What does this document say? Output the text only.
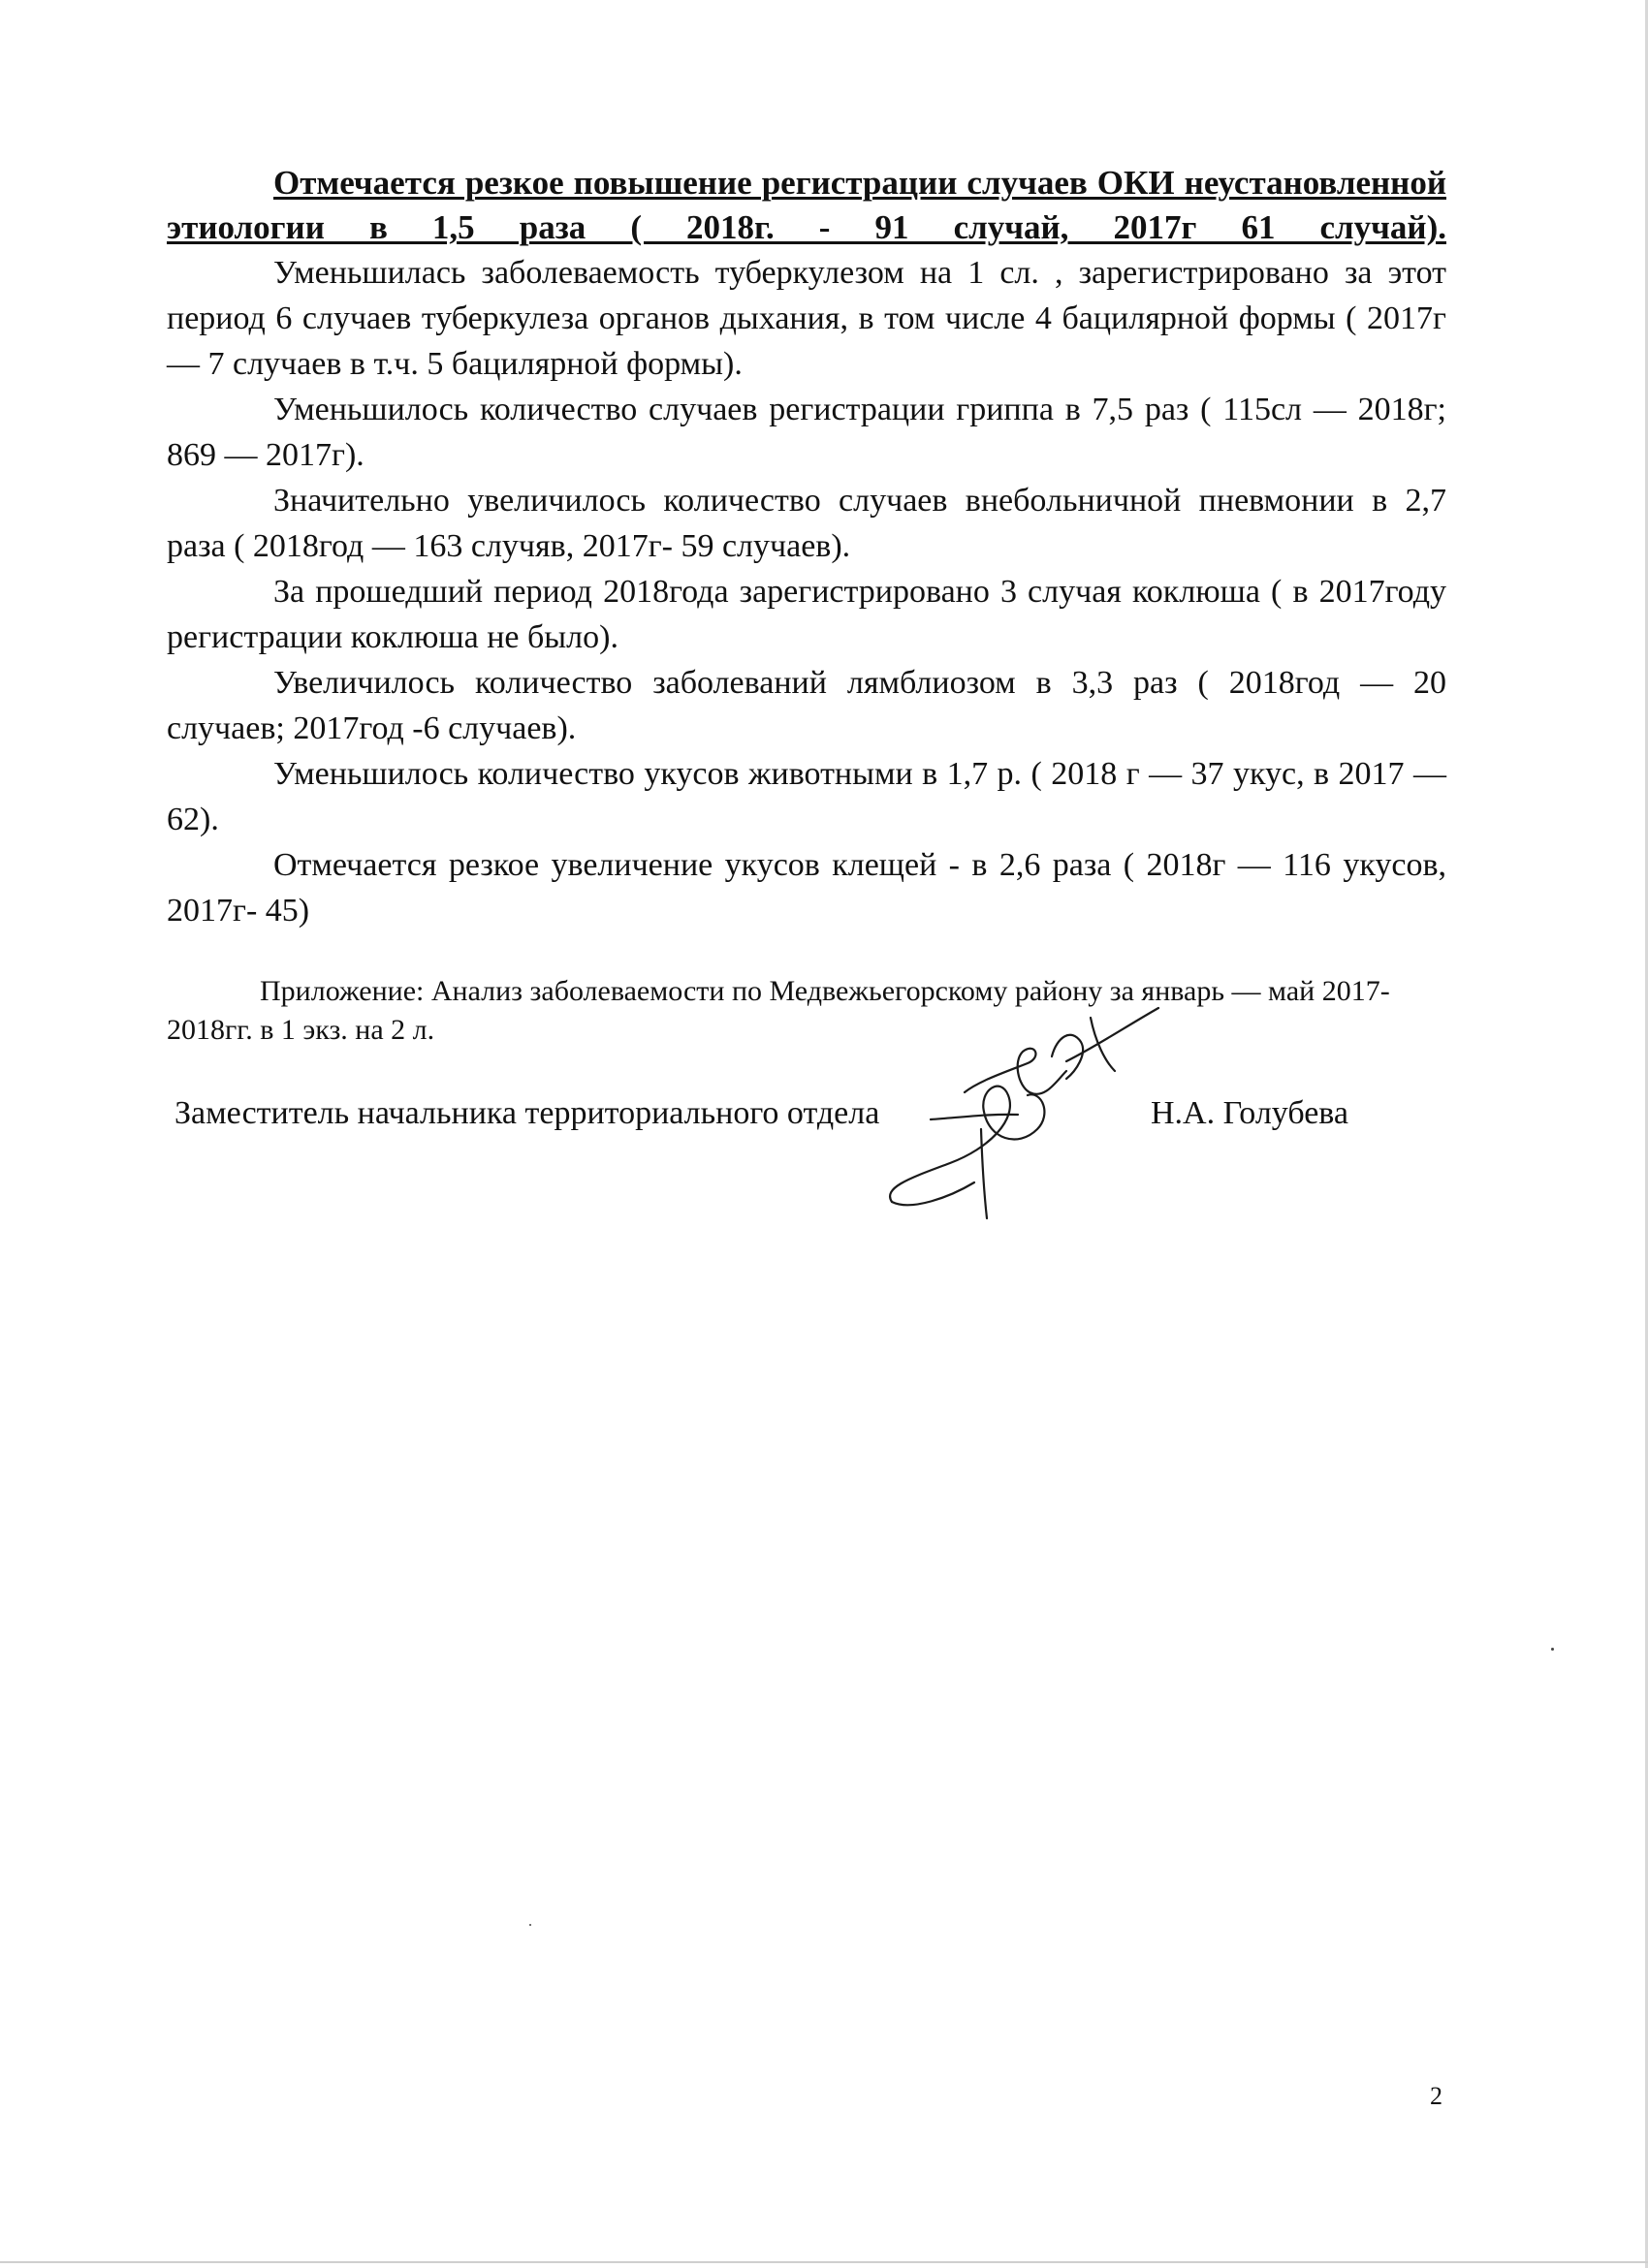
Отмечается резкое повышение регистрации случаев ОКИ неустановленной этиологии в 1,5 раза ( 2018г. - 91 случай, 2017г 61 случай).

Уменьшилась заболеваемость туберкулезом на 1 сл. , зарегистрировано за этот период 6 случаев туберкулеза органов дыхания, в том числе 4 бацилярной формы ( 2017г — 7 случаев в т.ч. 5 бацилярной формы).

Уменьшилось количество случаев регистрации гриппа в 7,5 раз ( 115сл — 2018г; 869 — 2017г).

Значительно увеличилось количество случаев внебольничной пневмонии в 2,7 раза ( 2018год — 163 случяв, 2017г- 59 случаев).

За прошедший период 2018года зарегистрировано 3 случая коклюша ( в 2017году регистрации коклюша не было).

Увеличилось количество заболеваний лямблиозом в 3,3 раз ( 2018год — 20 случаев; 2017год -6 случаев).

Уменьшилось количество укусов животными в 1,7 р. ( 2018 г — 37 укус, в 2017 — 62).

Отмечается резкое увеличение укусов клещей - в 2,6 раза ( 2018г — 116 укусов, 2017г- 45)

Приложение: Анализ заболеваемости по Медвежьегорскому району за январь — май 2017- 2018гг. в 1 экз. на 2 л.

Заместитель начальника территориального отдела	Н.А. Голубева
2
